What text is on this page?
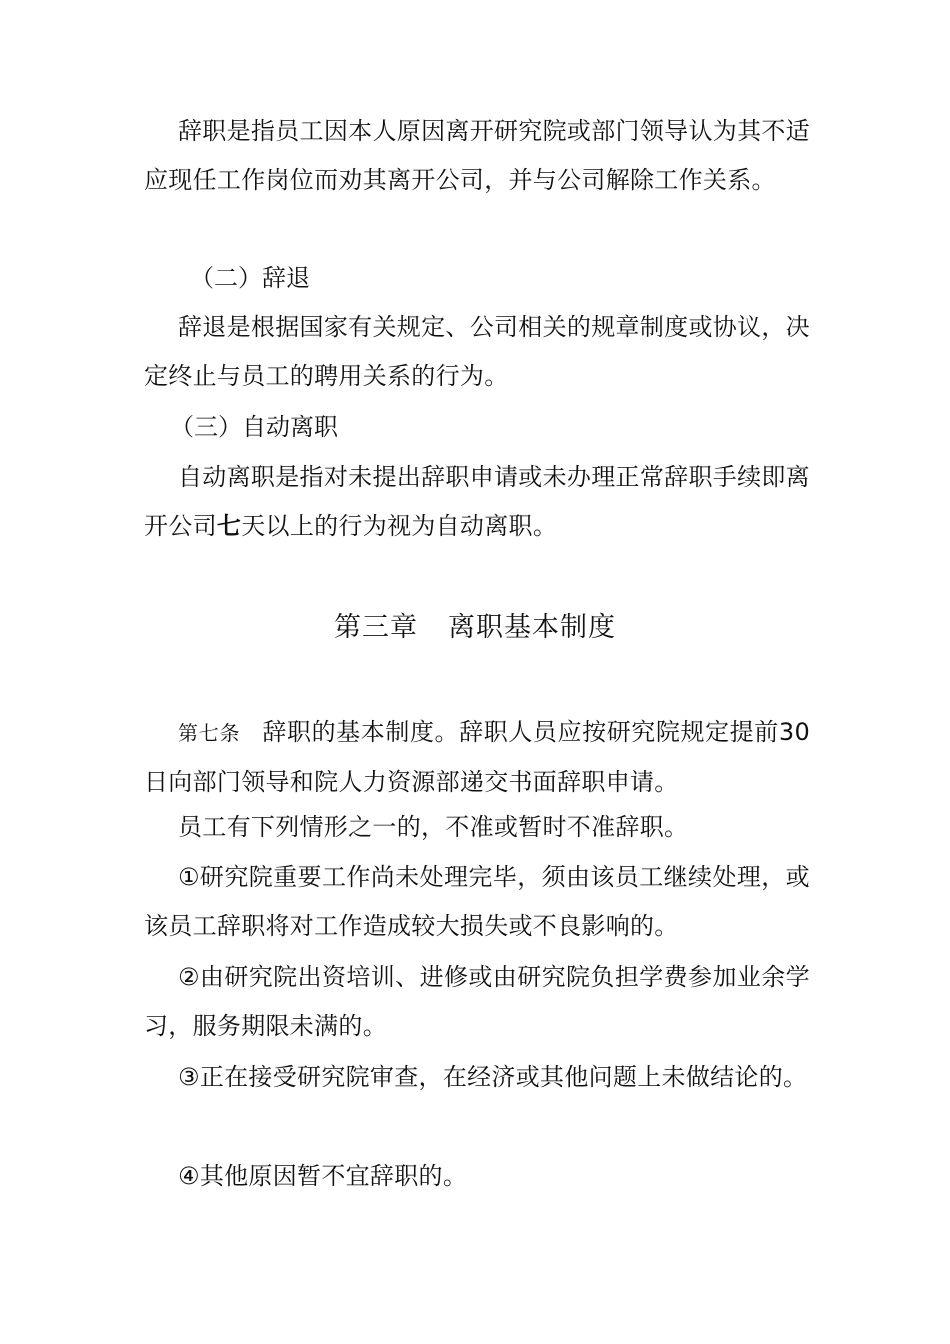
辞职是指员工因本人原因离开研究院或部门领导认为其不适应现任工作岗位而劝其离开公司，并与公司解除工作关系。

（二）辞退

辞退是根据国家有关规定、公司相关的规章制度或协议，决定终止与员工的聘用关系的行为。

（三）自动离职

自动离职是指对未提出辞职申请或未办理正常辞职手续即离开公司七天以上的行为视为自动离职。

第三章 离职基本制度

第七条 辞职的基本制度。辞职人员应按研究院规定提前30日向部门领导和院人力资源部递交书面辞职申请。

员工有下列情形之一的，不准或暂时不准辞职。

①研究院重要工作尚未处理完毕，须由该员工继续处理，或该员工辞职将对工作造成较大损失或不良影响的。

②由研究院出资培训、进修或由研究院负担学费参加业余学习，服务期限未满的。

③正在接受研究院审查，在经济或其他问题上未做结论的。

④其他原因暂不宜辞职的。
